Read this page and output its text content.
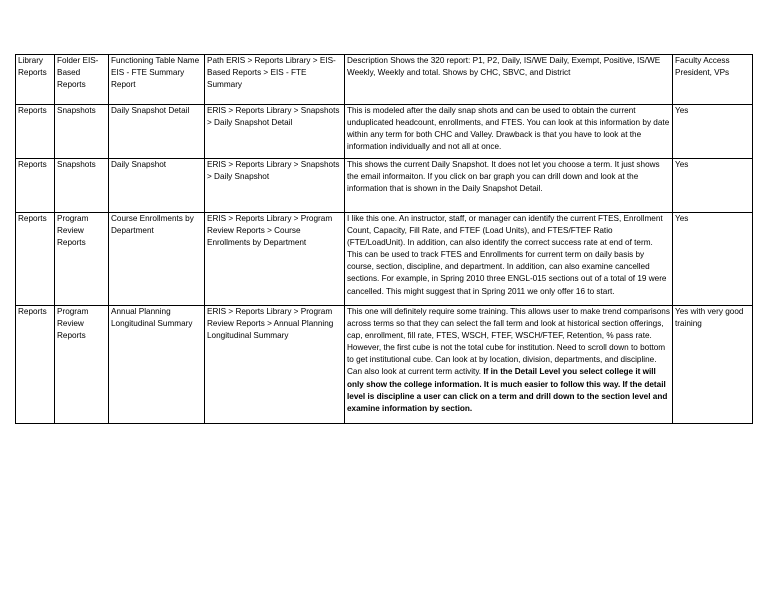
Library Reports	Folder EIS-Based Reports	Functioning Table Name EIS - FTE Summary Report	Path ERIS > Reports Library > EIS-Based Reports > EIS - FTE Summary	Description Shows the 320 report: P1, P2, Daily, IS/WE Daily, Exempt, Positive, IS/WE Weekly, Weekly and total. Shows by CHC, SBVC, and District	Faculty Access President, VPs
Reports	Snapshots	Daily Snapshot Detail	ERIS > Reports Library > Snapshots > Daily Snapshot Detail	This is modeled after the daily snap shots and can be used to obtain the current unduplicated headcount, enrollments, and FTES. You can look at this information by date within any term for both CHC and Valley. Drawback is that you have to look at the information individually and not all at once.	Yes
Reports	Snapshots	Daily Snapshot	ERIS > Reports Library > Snapshots > Daily Snapshot	This shows the current Daily Snapshot. It does not let you choose a term. It just shows the email informaiton. If you click on bar graph you can drill down and look at the information that is shown in the Daily Snapshot Detail.	Yes
Reports	Program Review Reports	Course Enrollments by Department	ERIS > Reports Library > Program Review Reports > Course Enrollments by Department	I like this one. An instructor, staff, or manager can identify the current FTES, Enrollment Count, Capacity, Fill Rate, and FTEF (Load Units), and FTES/FTEF Ratio (FTE/LoadUnit). In addition, can also identify the correct success rate at end of term. This can be used to track FTES and Enrollments for current term on daily basis by course, section, discipline, and department. In addition, can also examine cancelled sections. For example, in Spring 2010 three ENGL-015 sections out of a total of 19 were cancelled. This might suggest that in Spring 2011 we only offer 16 to start.	Yes
Reports	Program Review Reports	Annual Planning Longitudinal Summary	ERIS > Reports Library > Program Review Reports > Annual Planning Longitudinal Summary	This one will definitely require some training. This allows user to make trend comparisons across terms so that they can select the fall term and look at historical section offerings, cap, enrollment, fill rate, FTES, WSCH, FTEF, WSCH/FTEF, Retention, % pass rate. However, the first cube is not the total cube for institution. Need to scroll down to bottom to get institutional cube. Can look at by location, division, departments, and discipline. Can also look at current term activity. If in the Detail Level you select college it will only show the college information. It is much easier to follow this way. If the detail level is discipline a user can click on a term and drill down to the section level and examine information by section.	Yes with very good training
